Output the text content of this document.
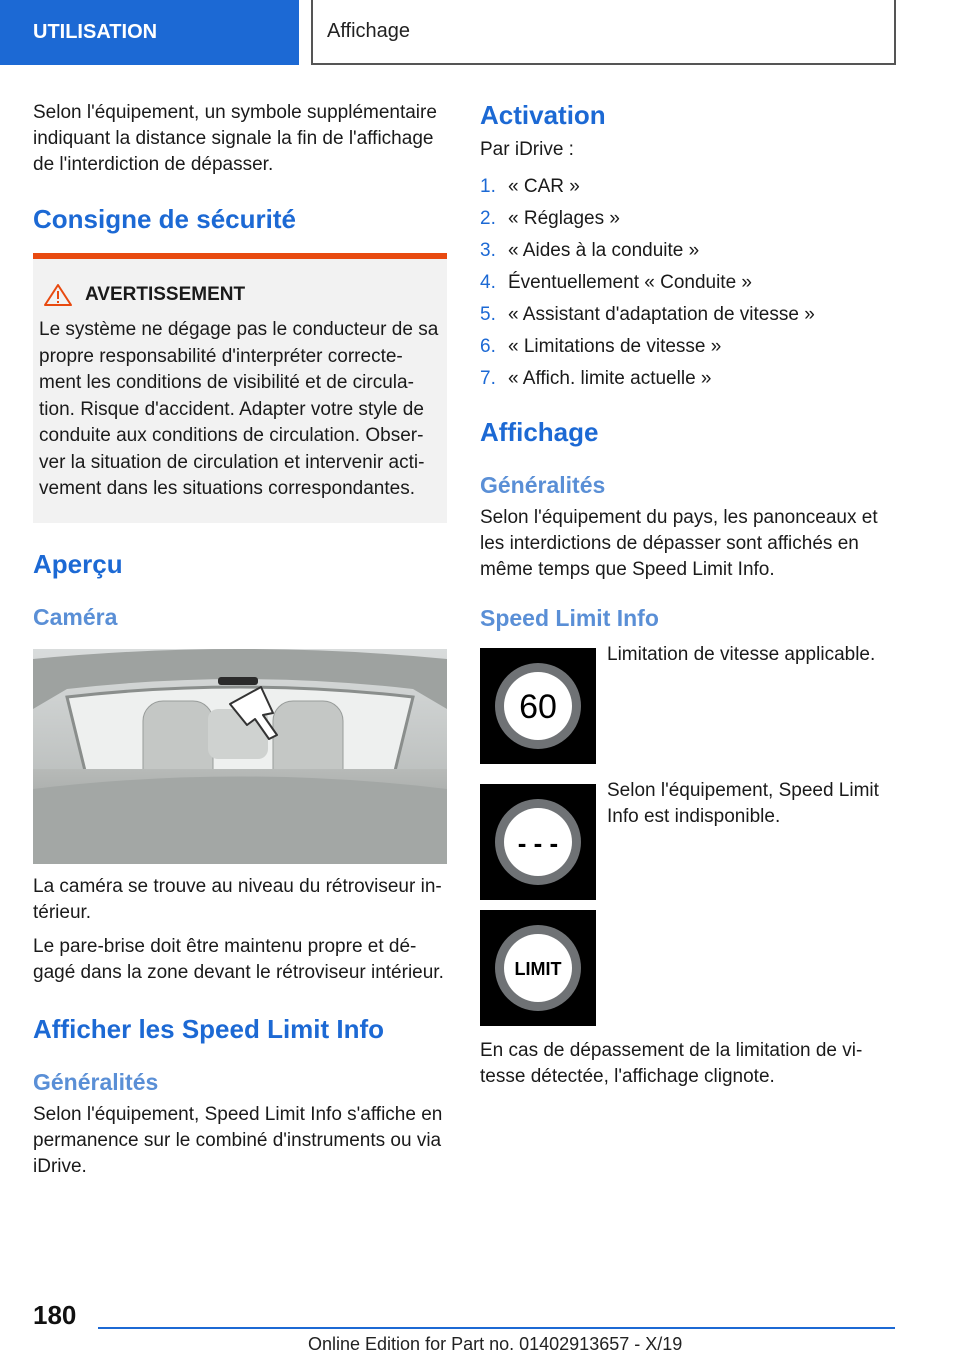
UTILISATION	Affichage

Selon l'équipement, un symbole supplémentaire indiquant la distance signale la fin de l'affichage de l'interdiction de dépasser.

Consigne de sécurité
AVERTISSEMENT
Le système ne dégage pas le conducteur de sa propre responsabilité d'interpréter correcte-ment les conditions de visibilité et de circula-tion. Risque d'accident. Adapter votre style de conduite aux conditions de circulation. Obser-ver la situation de circulation et intervenir acti-vement dans les situations correspondantes.
Aperçu
Caméra

La caméra se trouve au niveau du rétroviseur in-térieur.

Le pare-brise doit être maintenu propre et dé-gagé dans la zone devant le rétroviseur intérieur.

Afficher les Speed Limit Info
Généralités

Selon l'équipement, Speed Limit Info s'affiche en permanence sur le combiné d'instruments ou via iDrive.

Activation

Par iDrive :

1. « CAR »
2. « Réglages »
3. « Aides à la conduite »
4. Éventuellement « Conduite »
5. « Assistant d'adaptation de vitesse »
6. « Limitations de vitesse »
7. « Affich. limite actuelle »
Affichage
Généralités

Selon l'équipement du pays, les panonceaux et les interdictions de dépasser sont affichés en même temps que Speed Limit Info.

Speed Limit Info
60
Limitation de vitesse applicable.
- - -
Selon l'équipement, Speed Limit Info est indisponible.
LIMIT

En cas de dépassement de la limitation de vi-tesse détectée, l'affichage clignote.

180
Online Edition for Part no. 01402913657 - X/19
